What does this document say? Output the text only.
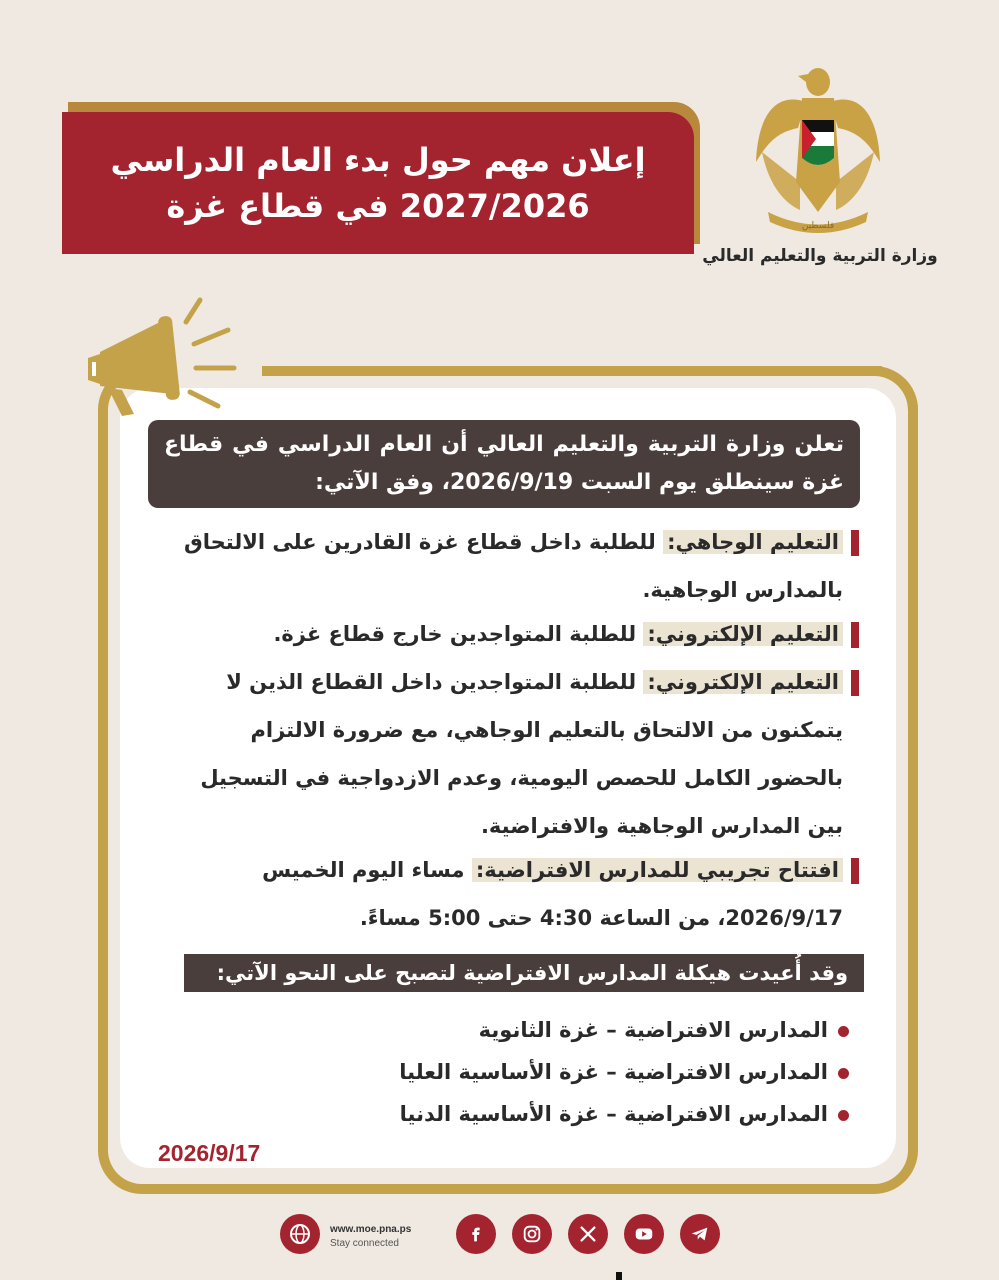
فلسطين
وزارة التربية والتعليم العالي
إعلان مهم حول بدء العام الدراسي
2027/2026 في قطاع غزة
تعلن وزارة التربية والتعليم العالي أن العام الدراسي في قطاع غزة سينطلق يوم السبت 2026/9/19، وفق الآتي:
التعليم الوجاهي: للطلبة داخل قطاع غزة القادرين على الالتحاق
بالمدارس الوجاهية.
التعليم الإلكتروني: للطلبة المتواجدين خارج قطاع غزة.
التعليم الإلكتروني: للطلبة المتواجدين داخل القطاع الذين لا
يتمكنون من الالتحاق بالتعليم الوجاهي، مع ضرورة الالتزام
بالحضور الكامل للحصص اليومية، وعدم الازدواجية في التسجيل
بين المدارس الوجاهية والافتراضية.
افتتاح تجريبي للمدارس الافتراضية: مساء اليوم الخميس
2026/9/17، من الساعة 4:30 حتى 5:00 مساءً.
وقد أُعيدت هيكلة المدارس الافتراضية لتصبح على النحو الآتي:
المدارس الافتراضية – غزة الثانوية
المدارس الافتراضية – غزة الأساسية العليا
المدارس الافتراضية – غزة الأساسية الدنيا
2026/9/17
www.moe.pna.ps
Stay connected
